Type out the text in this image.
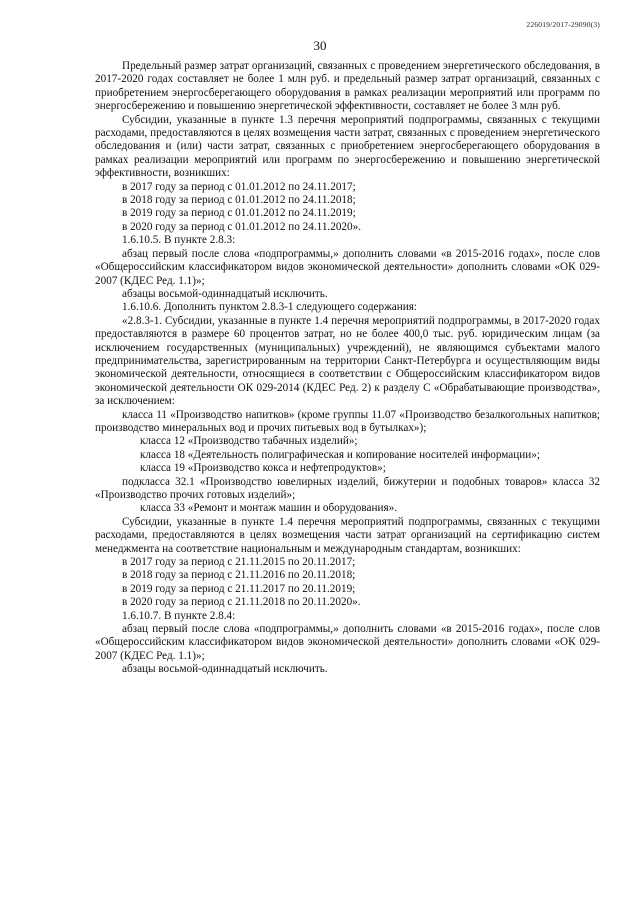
226019/2017-29090(3)
30

Предельный размер затрат организаций, связанных с проведением энергетического обследования, в 2017-2020 годах составляет не более 1 млн руб. и предельный размер затрат организаций, связанных с приобретением энергосберегающего оборудования в рамках реализации мероприятий или программ по энергосбережению и повышению энергетической эффективности, составляет не более 3 млн руб.

Субсидии, указанные в пункте 1.3 перечня мероприятий подпрограммы, связанных с текущими расходами, предоставляются в целях возмещения части затрат, связанных с проведением энергетического обследования и (или) части затрат, связанных с приобретением энергосберегающего оборудования в рамках реализации мероприятий или программ по энергосбережению и повышению энергетической эффективности, возникших:

в 2017 году за период с 01.01.2012 по 24.11.2017;

в 2018 году за период с 01.01.2012 по 24.11.2018;

в 2019 году за период с 01.01.2012 по 24.11.2019;

в 2020 году за период с 01.01.2012 по 24.11.2020».

1.6.10.5. В пункте 2.8.3:

абзац первый после слова «подпрограммы,» дополнить словами «в 2015-2016 годах», после слов «Общероссийским классификатором видов экономической деятельности» дополнить словами «ОК 029-2007 (КДЕС Ред. 1.1)»;

абзацы восьмой-одиннадцатый исключить.

1.6.10.6. Дополнить пунктом 2.8.3-1 следующего содержания:

«2.8.3-1. Субсидии, указанные в пункте 1.4 перечня мероприятий подпрограммы, в 2017-2020 годах предоставляются в размере 60 процентов затрат, но не более 400,0 тыс. руб. юридическим лицам (за исключением государственных (муниципальных) учреждений), не являющимся субъектами малого предпринимательства, зарегистрированным на территории Санкт-Петербурга и осуществляющим виды экономической деятельности, относящиеся в соответствии с Общероссийским классификатором видов экономической деятельности ОК 029-2014 (КДЕС Ред. 2) к разделу С «Обрабатывающие производства», за исключением:

класса 11 «Производство напитков» (кроме группы 11.07 «Производство безалкогольных напитков; производство минеральных вод и прочих питьевых вод в бутылках»);

класса 12 «Производство табачных изделий»;

класса 18 «Деятельность полиграфическая и копирование носителей информации»;

класса 19 «Производство кокса и нефтепродуктов»;

подкласса 32.1 «Производство ювелирных изделий, бижутерии и подобных товаров» класса 32 «Производство прочих готовых изделий»;

класса 33 «Ремонт и монтаж машин и оборудования».

Субсидии, указанные в пункте 1.4 перечня мероприятий подпрограммы, связанных с текущими расходами, предоставляются в целях возмещения части затрат организаций на сертификацию систем менеджмента на соответствие национальным и международным стандартам, возникших:

в 2017 году за период с 21.11.2015 по 20.11.2017;

в 2018 году за период с 21.11.2016 по 20.11.2018;

в 2019 году за период с 21.11.2017 по 20.11.2019;

в 2020 году за период с 21.11.2018 по 20.11.2020».

1.6.10.7. В пункте 2.8.4:

абзац первый после слова «подпрограммы,» дополнить словами «в 2015-2016 годах», после слов «Общероссийским классификатором видов экономической деятельности» дополнить словами «ОК 029-2007 (КДЕС Ред. 1.1)»;

абзацы восьмой-одиннадцатый исключить.
